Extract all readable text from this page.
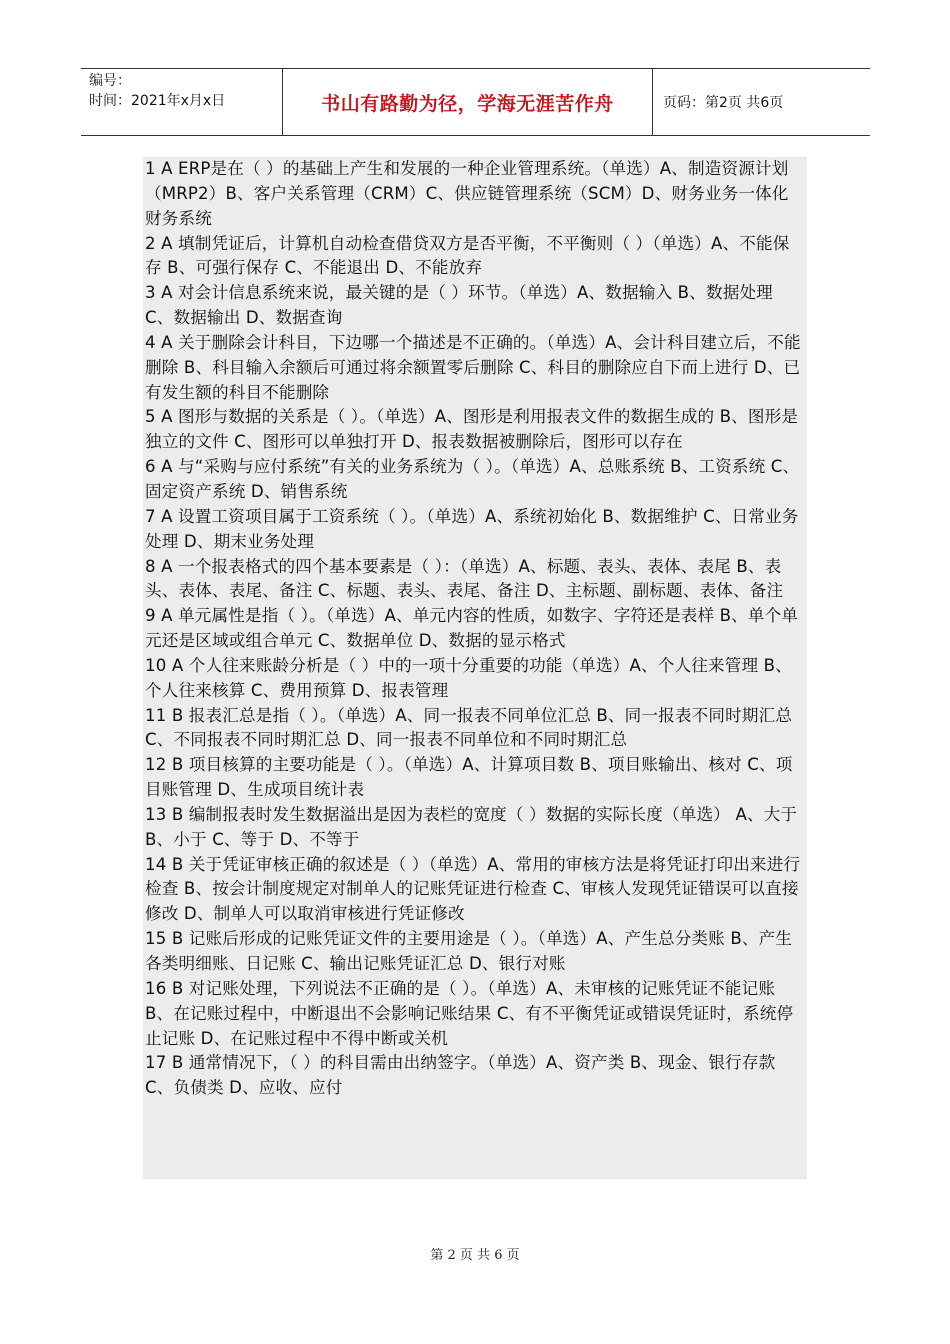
编号：
时间：2021年x月x日	书山有路勤为径，学海无涯苦作舟	页码：第2页 共6页

1 A ERP是在（ ）的基础上产生和发展的一种企业管理系统。（单选）A、制造资源计划（MRP2）B、客户关系管理（CRM）C、供应链管理系统（SCM）D、财务业务一体化财务系统

2 A 填制凭证后，计算机自动检查借贷双方是否平衡，不平衡则（ ）（单选）A、不能保存 B、可强行保存 C、不能退出 D、不能放弃

3 A 对会计信息系统来说，最关键的是（ ）环节。（单选）A、数据输入 B、数据处理 C、数据输出 D、数据查询

4 A 关于删除会计科目，下边哪一个描述是不正确的。（单选）A、会计科目建立后，不能删除 B、科目输入余额后可通过将余额置零后删除 C、科目的删除应自下而上进行 D、已有发生额的科目不能删除

5 A 图形与数据的关系是（ ）。（单选）A、图形是利用报表文件的数据生成的 B、图形是独立的文件 C、图形可以单独打开 D、报表数据被删除后，图形可以存在

6 A 与“采购与应付系统”有关的业务系统为（ ）。（单选）A、总账系统 B、工资系统 C、固定资产系统 D、销售系统

7 A 设置工资项目属于工资系统（ ）。（单选）A、系统初始化 B、数据维护 C、日常业务处理 D、期末业务处理

8 A 一个报表格式的四个基本要素是（ ）：（单选）A、标题、表头、表体、表尾 B、表头、表体、表尾、备注 C、标题、表头、表尾、备注 D、主标题、副标题、表体、备注

9 A 单元属性是指（ ）。（单选）A、单元内容的性质，如数字、字符还是表样 B、单个单元还是区域或组合单元 C、数据单位 D、数据的显示格式

10 A 个人往来账龄分析是（ ）中的一项十分重要的功能（单选）A、个人往来管理 B、个人往来核算 C、费用预算 D、报表管理

11 B 报表汇总是指（ ）。（单选）A、同一报表不同单位汇总 B、同一报表不同时期汇总 C、不同报表不同时期汇总 D、同一报表不同单位和不同时期汇总

12 B 项目核算的主要功能是（ ）。（单选）A、计算项目数 B、项目账输出、核对 C、项目账管理 D、生成项目统计表

13 B 编制报表时发生数据溢出是因为表栏的宽度（ ）数据的实际长度（单选） A、大于 B、小于 C、等于 D、不等于

14 B 关于凭证审核正确的叙述是（ ）（单选）A、常用的审核方法是将凭证打印出来进行检查 B、按会计制度规定对制单人的记账凭证进行检查 C、审核人发现凭证错误可以直接修改 D、制单人可以取消审核进行凭证修改

15 B 记账后形成的记账凭证文件的主要用途是（ ）。（单选）A、产生总分类账 B、产生各类明细账、日记账 C、输出记账凭证汇总 D、银行对账

16 B 对记账处理，下列说法不正确的是（ ）。（单选）A、未审核的记账凭证不能记账 B、在记账过程中，中断退出不会影响记账结果 C、有不平衡凭证或错误凭证时，系统停止记账 D、在记账过程中不得中断或关机

17 B 通常情况下，（ ）的科目需由出纳签字。（单选）A、资产类 B、现金、银行存款 C、负债类 D、应收、应付

第 2 页 共 6 页
